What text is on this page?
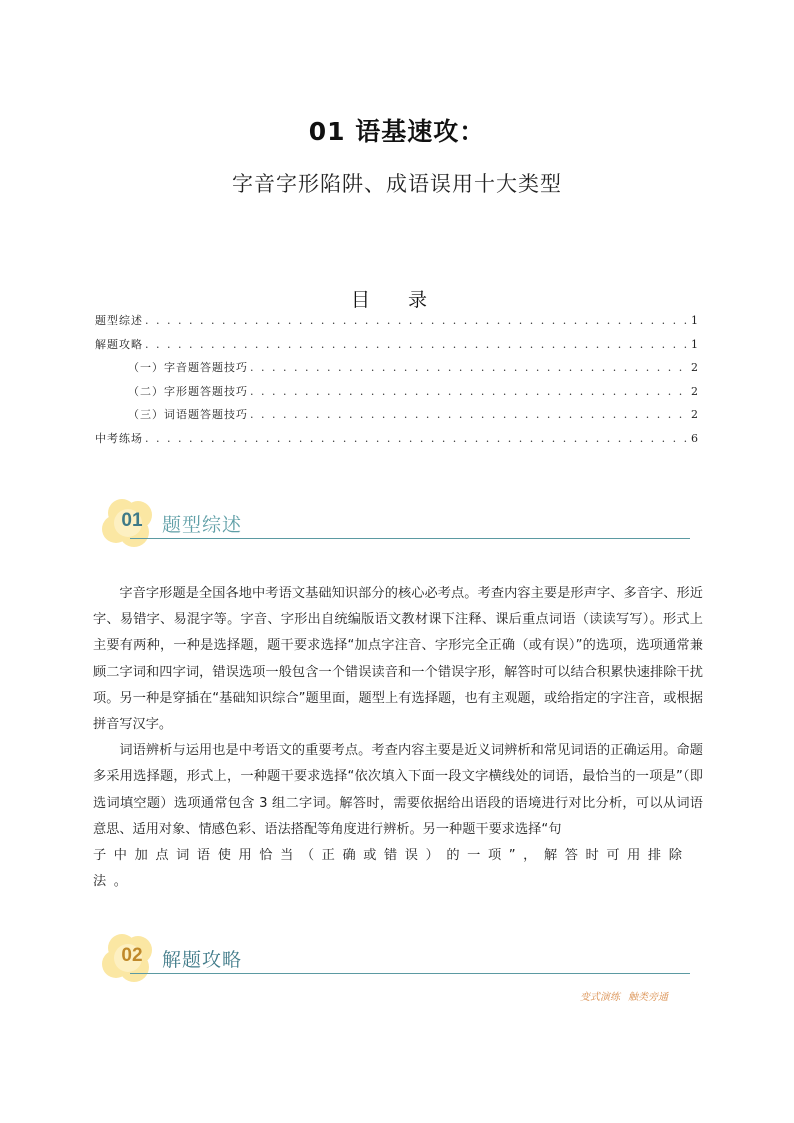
01 语基速攻：
字音字形陷阱、成语误用十大类型
目 录
题型综述 . . .	1
解题攻略 . . .	1
（一）字音题答题技巧 . . .	2
（二）字形题答题技巧 . . .	2
（三）词语题答题技巧 . . .	2
中考练场 . . .	6
01	题型综述

字音字形题是全国各地中考语文基础知识部分的核心必考点。考查内容主要是形声字、多音字、形近字、易错字、易混字等。字音、字形出自统编版语文教材课下注释、课后重点词语（读读写写）。形式上主要有两种，一种是选择题，题干要求选择“加点字注音、字形完全正确（或有误）”的选项，选项通常兼顾二字词和四字词，错误选项一般包含一个错误读音和一个错误字形，解答时可以结合积累快速排除干扰项。另一种是穿插在“基础知识综合”题里面，题型上有选择题，也有主观题，或给指定的字注音，或根据拼音写汉字。

词语辨析与运用也是中考语文的重要考点。考查内容主要是近义词辨析和常见词语的正确运用。命题多采用选择题，形式上，一种题干要求选择“依次填入下面一段文字横线处的词语，最恰当的一项是”（即选词填空题）选项通常包含 3 组二字词。解答时，需要依据给出语段的语境进行对比分析，可以从词语意思、适用对象、情感色彩、语法搭配等角度进行辨析。另一种题干要求选择“句

子中加点词语使用恰当（正确或错误）的一项”，解答时可用排除法。
02	解题攻略
变式演练 触类旁通
